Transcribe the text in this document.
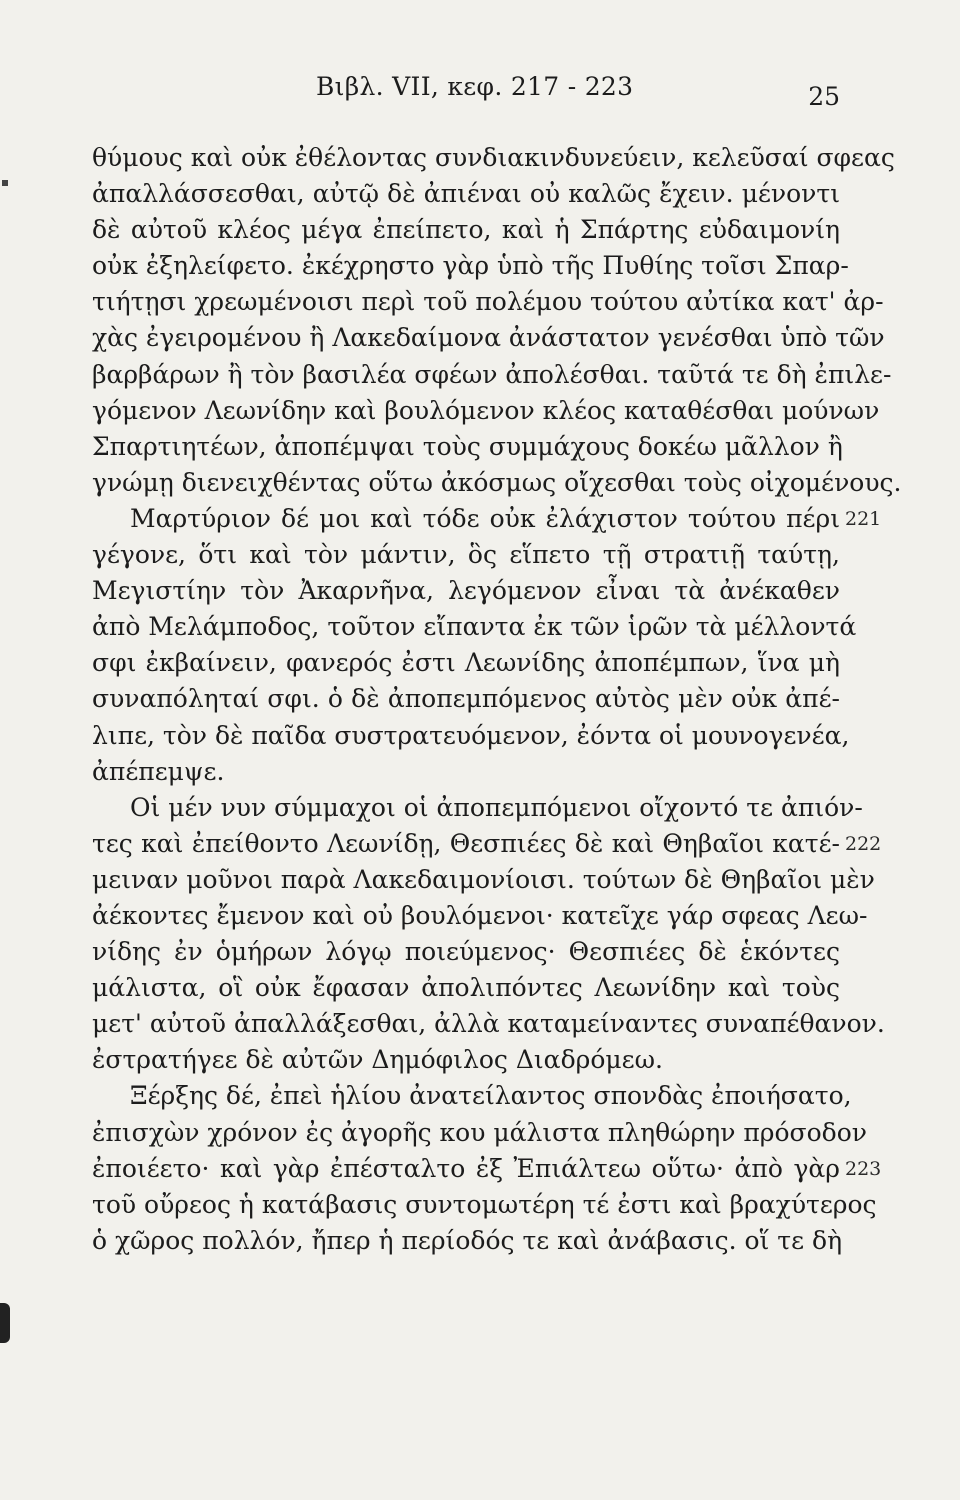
Βιβλ. VII, κεφ. 217 - 223	25
θύμους καὶ οὐκ ἐθέλοντας συνδιακινδυνεύειν, κελεῦσαί σφεας
ἀπαλλάσσεσθαι, αὐτῷ δὲ ἀπιέναι οὐ καλῶς ἔχειν. μένοντι
δὲ αὐτοῦ κλέος μέγα ἐπείπετο, καὶ ἡ Σπάρτης εὐδαιμονίη
οὐκ ἐξηλείφετο. ἐκέχρηστο γὰρ ὑπὸ τῆς Πυθίης τοῖσι Σπαρ-
τιήτῃσι χρεωμένοισι περὶ τοῦ πολέμου τούτου αὐτίκα κατ' ἀρ-
χὰς ἐγειρομένου ἢ Λακεδαίμονα ἀνάστατον γενέσθαι ὑπὸ τῶν
βαρβάρων ἢ τὸν βασιλέα σφέων ἀπολέσθαι. ταῦτά τε δὴ ἐπιλε-
γόμενον Λεωνίδην καὶ βουλόμενον κλέος καταθέσθαι μούνων
Σπαρτιητέων, ἀποπέμψαι τοὺς συμμάχους δοκέω μᾶλλον ἢ
γνώμῃ διενειχθέντας οὕτω ἀκόσμως οἴχεσθαι τοὺς οἰχομένους.
Μαρτύριον δέ μοι καὶ τόδε οὐκ ἐλάχιστον τούτου πέρι
γέγονε, ὅτι καὶ τὸν μάντιν, ὃς εἵπετο τῇ στρατιῇ ταύτῃ,
Μεγιστίην τὸν Ἀκαρνῆνα, λεγόμενον εἶναι τὰ ἀνέκαθεν
ἀπὸ Μελάμποδος, τοῦτον εἴπαντα ἐκ τῶν ἱρῶν τὰ μέλλοντά
σφι ἐκβαίνειν, φανερός ἐστι Λεωνίδης ἀποπέμπων, ἵνα μὴ
συναπόληταί σφι. ὁ δὲ ἀποπεμπόμενος αὐτὸς μὲν οὐκ ἀπέ-
λιπε, τὸν δὲ παῖδα συστρατευόμενον, ἐόντα οἱ μουνογενέα,
ἀπέπεμψε.
Οἱ μέν νυν σύμμαχοι οἱ ἀποπεμπόμενοι οἴχοντό τε ἀπιόν-
τες καὶ ἐπείθοντο Λεωνίδῃ, Θεσπιέες δὲ καὶ Θηβαῖοι κατέ-
μειναν μοῦνοι παρὰ Λακεδαιμονίοισι. τούτων δὲ Θηβαῖοι μὲν
ἀέκοντες ἔμενον καὶ οὐ βουλόμενοι· κατεῖχε γάρ σφεας Λεω-
νίδης ἐν ὁμήρων λόγῳ ποιεύμενος· Θεσπιέες δὲ ἑκόντες
μάλιστα, οἳ οὐκ ἔφασαν ἀπολιπόντες Λεωνίδην καὶ τοὺς
μετ' αὐτοῦ ἀπαλλάξεσθαι, ἀλλὰ καταμείναντες συναπέθανον.
ἐστρατήγεε δὲ αὐτῶν Δημόφιλος Διαδρόμεω.
Ξέρξης δέ, ἐπεὶ ἡλίου ἀνατείλαντος σπονδὰς ἐποιήσατο,
ἐπισχὼν χρόνον ἐς ἀγορῆς κου μάλιστα πληθώρην πρόσοδον
ἐποιέετο· καὶ γὰρ ἐπέσταλτο ἐξ Ἐπιάλτεω οὕτω· ἀπὸ γὰρ
τοῦ οὔρεος ἡ κατάβασις συντομωτέρη τέ ἐστι καὶ βραχύτερος
ὁ χῶρος πολλόν, ἤπερ ἡ περίοδός τε καὶ ἀνάβασις. οἵ τε δὴ
221
222
223
